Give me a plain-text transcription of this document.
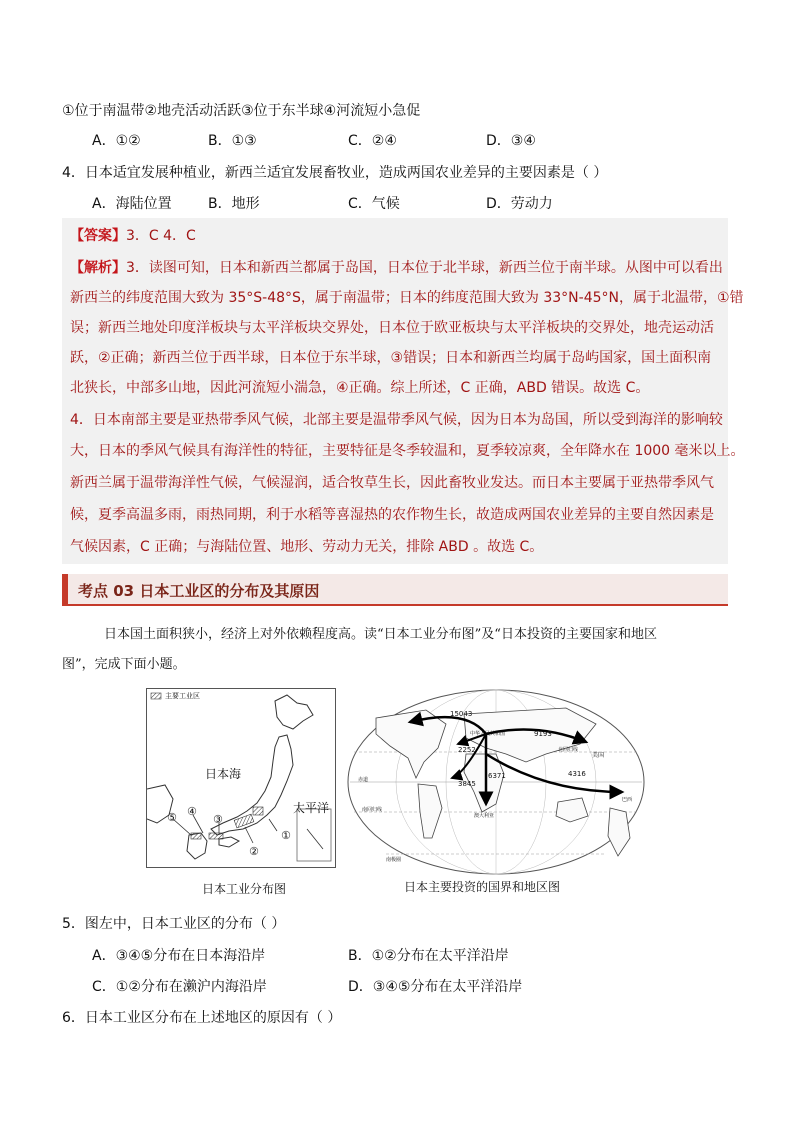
①位于南温带②地壳活动活跃③位于东半球④河流短小急促
A．①②	B．①③	C．②④	D．③④
4．日本适宜发展种植业，新西兰适宜发展畜牧业，造成两国农业差异的主要因素是（ ）
A．海陆位置	B．地形	C．气候	D．劳动力
【答案】3．C 4．C
【解析】3．读图可知，日本和新西兰都属于岛国，日本位于北半球，新西兰位于南半球。从图中可以看出
新西兰的纬度范围大致为 35°S-48°S，属于南温带；日本的纬度范围大致为 33°N-45°N，属于北温带，①错
误；新西兰地处印度洋板块与太平洋板块交界处，日本位于欧亚板块与太平洋板块的交界处，地壳运动活
跃，②正确；新西兰位于西半球，日本位于东半球，③错误；日本和新西兰均属于岛屿国家，国土面积南
北狭长，中部多山地，因此河流短小湍急，④正确。综上所述，C 正确，ABD 错误。故选 C。
4．日本南部主要是亚热带季风气候，北部主要是温带季风气候，因为日本为岛国，所以受到海洋的影响较
大，日本的季风气候具有海洋性的特征，主要特征是冬季较温和，夏季较凉爽，全年降水在 1000 毫米以上。
新西兰属于温带海洋性气候，气候湿润，适合牧草生长，因此畜牧业发达。而日本主要属于亚热带季风气
候，夏季高温多雨，雨热同期，利于水稻等喜湿热的农作物生长，故造成两国农业差异的主要自然因素是
气候因素，C 正确；与海陆位置、地形、劳动力无关，排除 ABD 。故选 C。
考点 03 日本工业区的分布及其原因
日本国土面积狭小，经济上对外依赖程度高。读“日本工业分布图”及“日本投资的主要国家和地区
图”，完成下面小题。
主要工业区
日本海
太平洋
①
②
③
④
⑤
日本工业分布图
15043
9193
2252
6371
3845
4316
美国
中华人民共和国
澳大利亚
巴西
赤道
南回归线
北回归线
南极圈
日本主要投资的国界和地区图
5．图左中，日本工业区的分布（ ）
A．③④⑤分布在日本海沿岸	B．①②分布在太平洋沿岸
C．①②分布在濑沪内海沿岸	D．③④⑤分布在太平洋沿岸
6．日本工业区分布在上述地区的原因有（ ）
